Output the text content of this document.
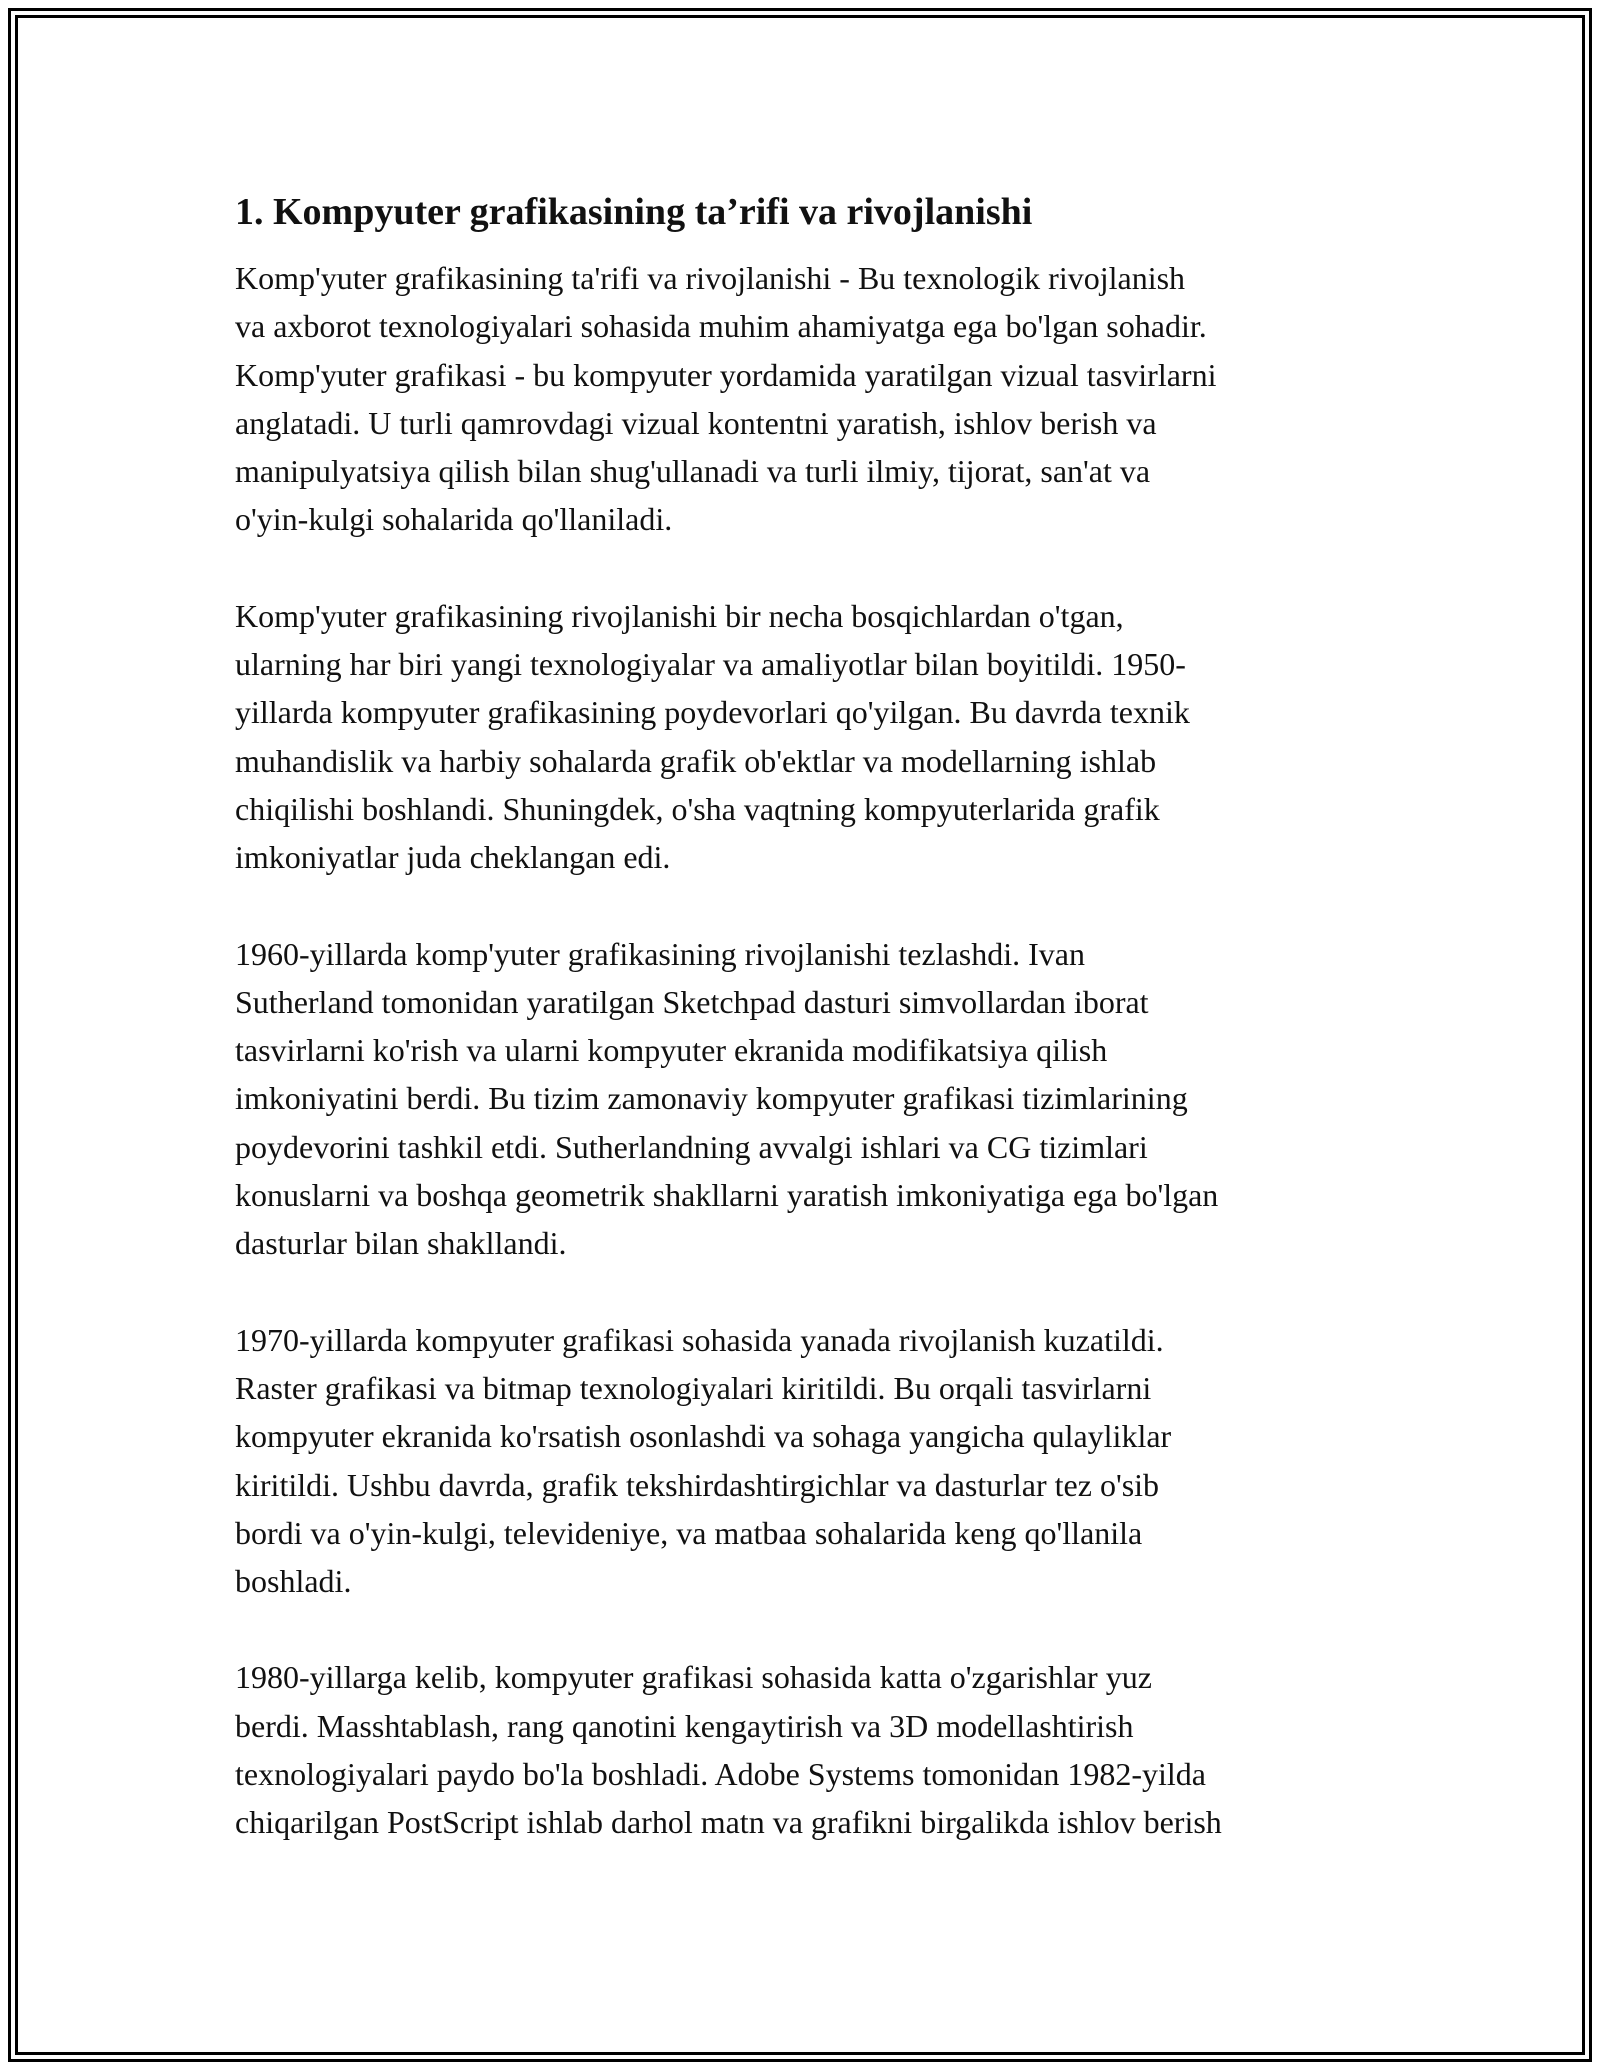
1. Kompyuter grafikasining ta’rifi va rivojlanishi

Komp'yuter grafikasining ta'rifi va rivojlanishi - Bu texnologik rivojlanish
va axborot texnologiyalari sohasida muhim ahamiyatga ega bo'lgan sohadir.
Komp'yuter grafikasi - bu kompyuter yordamida yaratilgan vizual tasvirlarni
anglatadi. U turli qamrovdagi vizual kontentni yaratish, ishlov berish va
manipulyatsiya qilish bilan shug'ullanadi va turli ilmiy, tijorat, san'at va
o'yin-kulgi sohalarida qo'llaniladi.

Komp'yuter grafikasining rivojlanishi bir necha bosqichlardan o'tgan,
ularning har biri yangi texnologiyalar va amaliyotlar bilan boyitildi. 1950-
yillarda kompyuter grafikasining poydevorlari qo'yilgan. Bu davrda texnik
muhandislik va harbiy sohalarda grafik ob'ektlar va modellarning ishlab
chiqilishi boshlandi. Shuningdek, o'sha vaqtning kompyuterlarida grafik
imkoniyatlar juda cheklangan edi.

1960-yillarda komp'yuter grafikasining rivojlanishi tezlashdi. Ivan
Sutherland tomonidan yaratilgan Sketchpad dasturi simvollardan iborat
tasvirlarni ko'rish va ularni kompyuter ekranida modifikatsiya qilish
imkoniyatini berdi. Bu tizim zamonaviy kompyuter grafikasi tizimlarining
poydevorini tashkil etdi. Sutherlandning avvalgi ishlari va CG tizimlari
konuslarni va boshqa geometrik shakllarni yaratish imkoniyatiga ega bo'lgan
dasturlar bilan shakllandi.

1970-yillarda kompyuter grafikasi sohasida yanada rivojlanish kuzatildi.
Raster grafikasi va bitmap texnologiyalari kiritildi. Bu orqali tasvirlarni
kompyuter ekranida ko'rsatish osonlashdi va sohaga yangicha qulayliklar
kiritildi. Ushbu davrda, grafik tekshirdashtirgichlar va dasturlar tez o'sib
bordi va o'yin-kulgi, televideniye, va matbaa sohalarida keng qo'llanila
boshladi.

1980-yillarga kelib, kompyuter grafikasi sohasida katta o'zgarishlar yuz
berdi. Masshtablash, rang qanotini kengaytirish va 3D modellashtirish
texnologiyalari paydo bo'la boshladi. Adobe Systems tomonidan 1982-yilda
chiqarilgan PostScript ishlab darhol matn va grafikni birgalikda ishlov berish
